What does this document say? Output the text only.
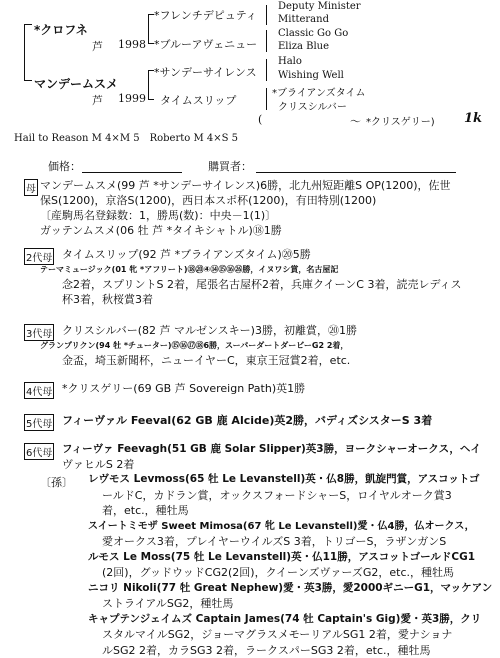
*クロフネ
芦 1998
*フレンチデピュティ
*ブルーアヴェニュー
Deputy Minister
Mitterand
Classic Go Go
Eliza Blue
マンデームスメ
芦 1999
*サンデーサイレンス
タイムスリップ
Halo
Wishing Well
*ブライアンズタイム
クリスシルバー
(	〜 *クリスゲリー) 1k
Hail to Reason M 4×M 5　Roberto M 4×S 5
価格：	購買者：
母 マンデームスメ(99 芦 *サンデーサイレンス)6勝，北九州短距離S OP(1200)，佐世
保S(1200)，京洛S(1200)，西日本スポ杯(1200)，有田特別(1200)
〔産駒馬名登録数：1，勝馬(数)：中央－1(1)〕
ガッテンムスメ(06 牡 芦 *タイキシャトル)⑱1勝
2代母 タイムスリップ(92 芦 *ブライアンズタイム)⑳5勝
テーマミュージック(01 牝 *アフリート)⑱⑳④⑭⑮⑯㉖勝，イヌワシ賞，名古屋記
念2着，スプリントS 2着，尾張名古屋杯2着，兵庫クイーンC 3着，読売レディス
杯3着，秋桜賞3着
3代母 クリスシルバー(82 芦 マルゼンスキー)3勝，初離賞，⑳1勝
グランプリクン(94 牡 *チューター)⑮⑯⑰⑱6勝，スーパーダートダービーG2 2着，
金盃，埼玉新聞杯，ニューイヤーC，東京王冠賞2着，etc.
4代母 *クリスゲリー(69 GB 芦 Sovereign Path)英1勝
5代母 フィーヴァル Feeval(62 GB 鹿 Alcide)英2勝，バディズシスターS 3着
6代母 フィーヴァ Feevagh(51 GB 鹿 Solar Slipper)英3勝，ヨークシャーオークス，ヘイ
ヴァヒルS 2着
〔孫〕 レヴモス Levmoss(65 牡 Le Levanstell)英・仏8勝，凱旋門賞，アスコットゴ
ールドC，カドラン賞，オックスフォードシャーS，ロイヤルオーク賞3
着，etc.，種牡馬
スイートミモザ Sweet Mimosa(67 牝 Le Levanstell)愛・仏4勝，仏オークス，
愛オークス3着，プレイヤーウイルズS 3着，トリゴーS，ラザンガンS
ルモス Le Moss(75 牡 Le Levanstell)英・仏11勝，アスコットゴールドCG1
(2回)，グッドウッドCG2(2回)，クイーンズヴァーズG2，etc.，種牡馬
ニコリ Nikoli(77 牡 Great Nephew)愛・英3勝，愛2000ギニーG1，マッケアン
ストライアルSG2，種牡馬
キャプテンジェイムズ Captain James(74 牡 Captain's Gig)愛・英3勝，クリ
スタルマイルSG2，ジョーマグラスメモーリアルSG1 2着，愛ナショナ
ルSG2 2着，カラSG3 2着，ラークスパーSG3 2着，etc.，種牡馬
